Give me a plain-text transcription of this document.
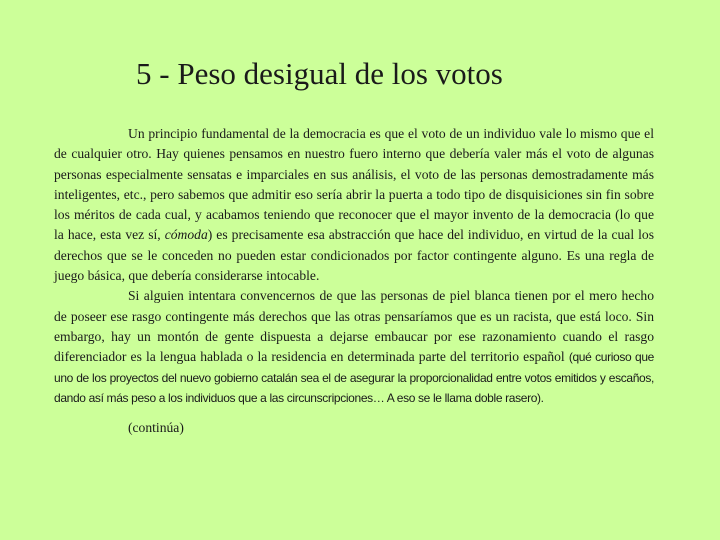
5 - Peso desigual de los votos

Un principio fundamental de la democracia es que el voto de un individuo vale lo mismo que el de cualquier otro. Hay quienes pensamos en nuestro fuero interno que debería valer más el voto de algunas personas especialmente sensatas e imparciales en sus análisis, el voto de las personas demostradamente más inteligentes, etc., pero sabemos que admitir eso sería abrir la puerta a todo tipo de disquisiciones sin fin sobre los méritos de cada cual, y acabamos teniendo que reconocer que el mayor invento de la democracia (lo que la hace, esta vez sí, cómoda) es precisamente esa abstracción que hace del individuo, en virtud de la cual los derechos que se le conceden no pueden estar condicionados por factor contingente alguno. Es una regla de juego básica, que debería considerarse intocable.

Si alguien intentara convencernos de que las personas de piel blanca tienen por el mero hecho de poseer ese rasgo contingente más derechos que las otras pensaríamos que es un racista, que está loco. Sin embargo, hay un montón de gente dispuesta a dejarse embaucar por ese razonamiento cuando el rasgo diferenciador es la lengua hablada o la residencia en determinada parte del territorio español (qué curioso que uno de los proyectos del nuevo gobierno catalán sea el de asegurar la proporcionalidad entre votos emitidos y escaños, dando así más peso a los individuos que a las circunscripciones… A eso se le llama doble rasero).

(continúa)
